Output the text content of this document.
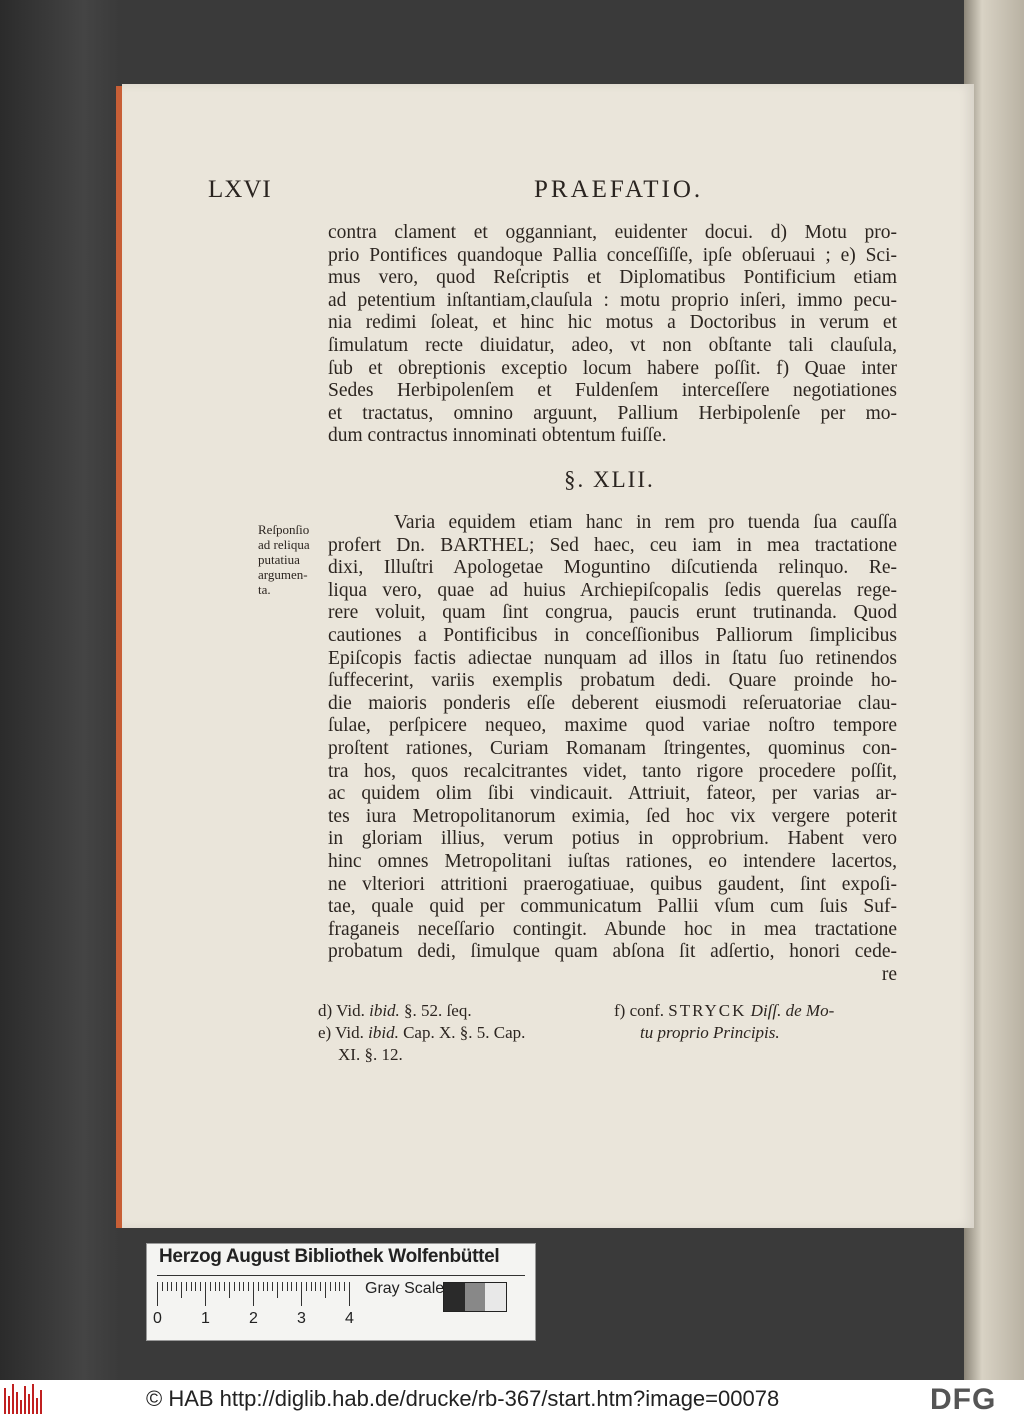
LXVI	PRAEFATIO.
contra clament et ogganniant, euidenter docui. d) Motu pro-
prio Pontifices quandoque Pallia conceſſiſſe, ipſe obſeruaui ; e) Sci-
mus vero, quod Reſcriptis et Diplomatibus Pontificium etiam
ad petentium inſtantiam,clauſula : motu proprio inſeri, immo pecu-
nia redimi ſoleat, et hinc hic motus a Doctoribus in verum et
ſimulatum recte diuidatur, adeo, vt non obſtante tali clauſula,
ſub et obreptionis exceptio locum habere poſſit. f) Quae inter
Sedes Herbipolenſem et Fuldenſem interceſſere negotiationes
et tractatus, omnino arguunt, Pallium Herbipolenſe per mo-
dum contractus innominati obtentum fuiſſe.
§. XLII.
Reſponſio
ad reliqua
putatiua
argumen-
ta.
Varia equidem etiam hanc in rem pro tuenda ſua cauſſa
profert Dn. BARTHEL; Sed haec, ceu iam in mea tractatione
dixi, Illuſtri Apologetae Moguntino diſcutienda relinquo. Re-
liqua vero, quae ad huius Archiepiſcopalis ſedis querelas rege-
rere voluit, quam ſint congrua, paucis erunt trutinanda. Quod
cautiones a Pontificibus in conceſſionibus Palliorum ſimplicibus
Epiſcopis factis adiectae nunquam ad illos in ſtatu ſuo retinendos
ſuffecerint, variis exemplis probatum dedi. Quare proinde ho-
die maioris ponderis eſſe deberent eiusmodi reſeruatoriae clau-
ſulae, perſpicere nequeo, maxime quod variae noſtro tempore
proſtent rationes, Curiam Romanam ſtringentes, quominus con-
tra hos, quos recalcitrantes videt, tanto rigore procedere poſſit,
ac quidem olim ſibi vindicauit. Attriuit, fateor, per varias ar-
tes iura Metropolitanorum eximia, ſed hoc vix vergere poterit
in gloriam illius, verum potius in opprobrium. Habent vero
hinc omnes Metropolitani iuſtas rationes, eo intendere lacertos,
ne vlteriori attritioni praerogatiuae, quibus gaudent, ſint expoſi-
tae, quale quid per communicatum Pallii vſum cum ſuis Suf-
fraganeis neceſſario contingit. Abunde hoc in mea tractatione
probatum dedi, ſimulque quam abſona ſit adſertio, honori cede-
re
d) Vid. ibid. §. 52. ſeq.
e) Vid. ibid. Cap. X. §. 5. Cap.
XI. §. 12.
f) conf. STRYCK Diſſ. de Mo-
tu proprio Principis.
Herzog August Bibliothek Wolfenbüttel
0 1 2 3 4
Gray Scale
© HAB http://diglib.hab.de/drucke/rb-367/start.htm?image=00078	DFG
